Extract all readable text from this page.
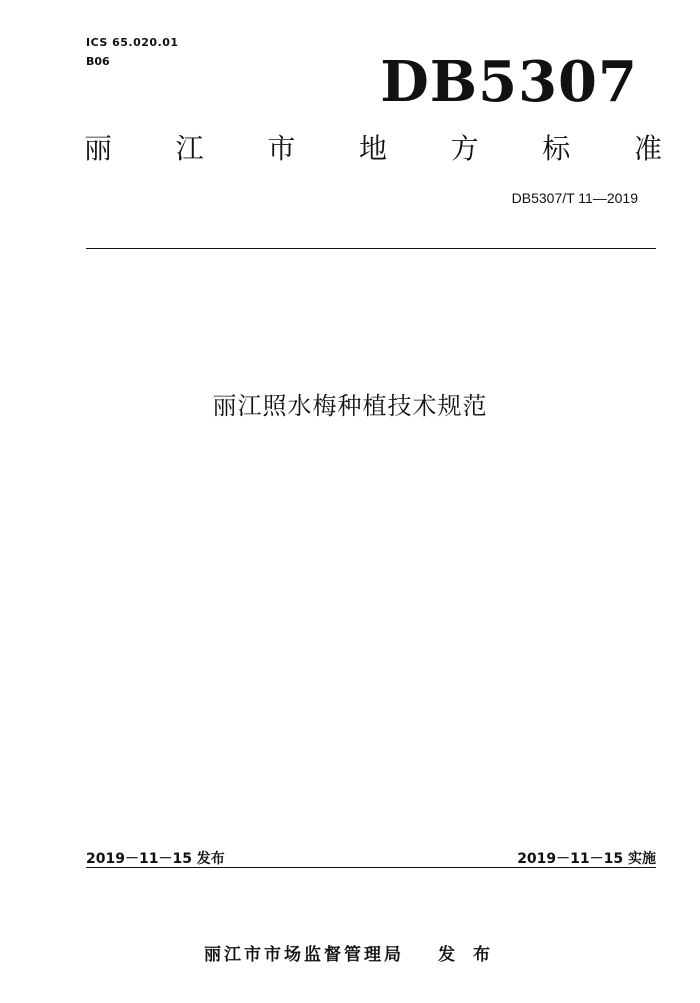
ICS 65.020.01
B06	DB5307
丽 江 市 地 方 标 准
DB5307/T 11—2019
丽江照水梅种植技术规范
2019－11－15 发布	2019－11－15 实施
丽江市市场监督管理局 发 布
